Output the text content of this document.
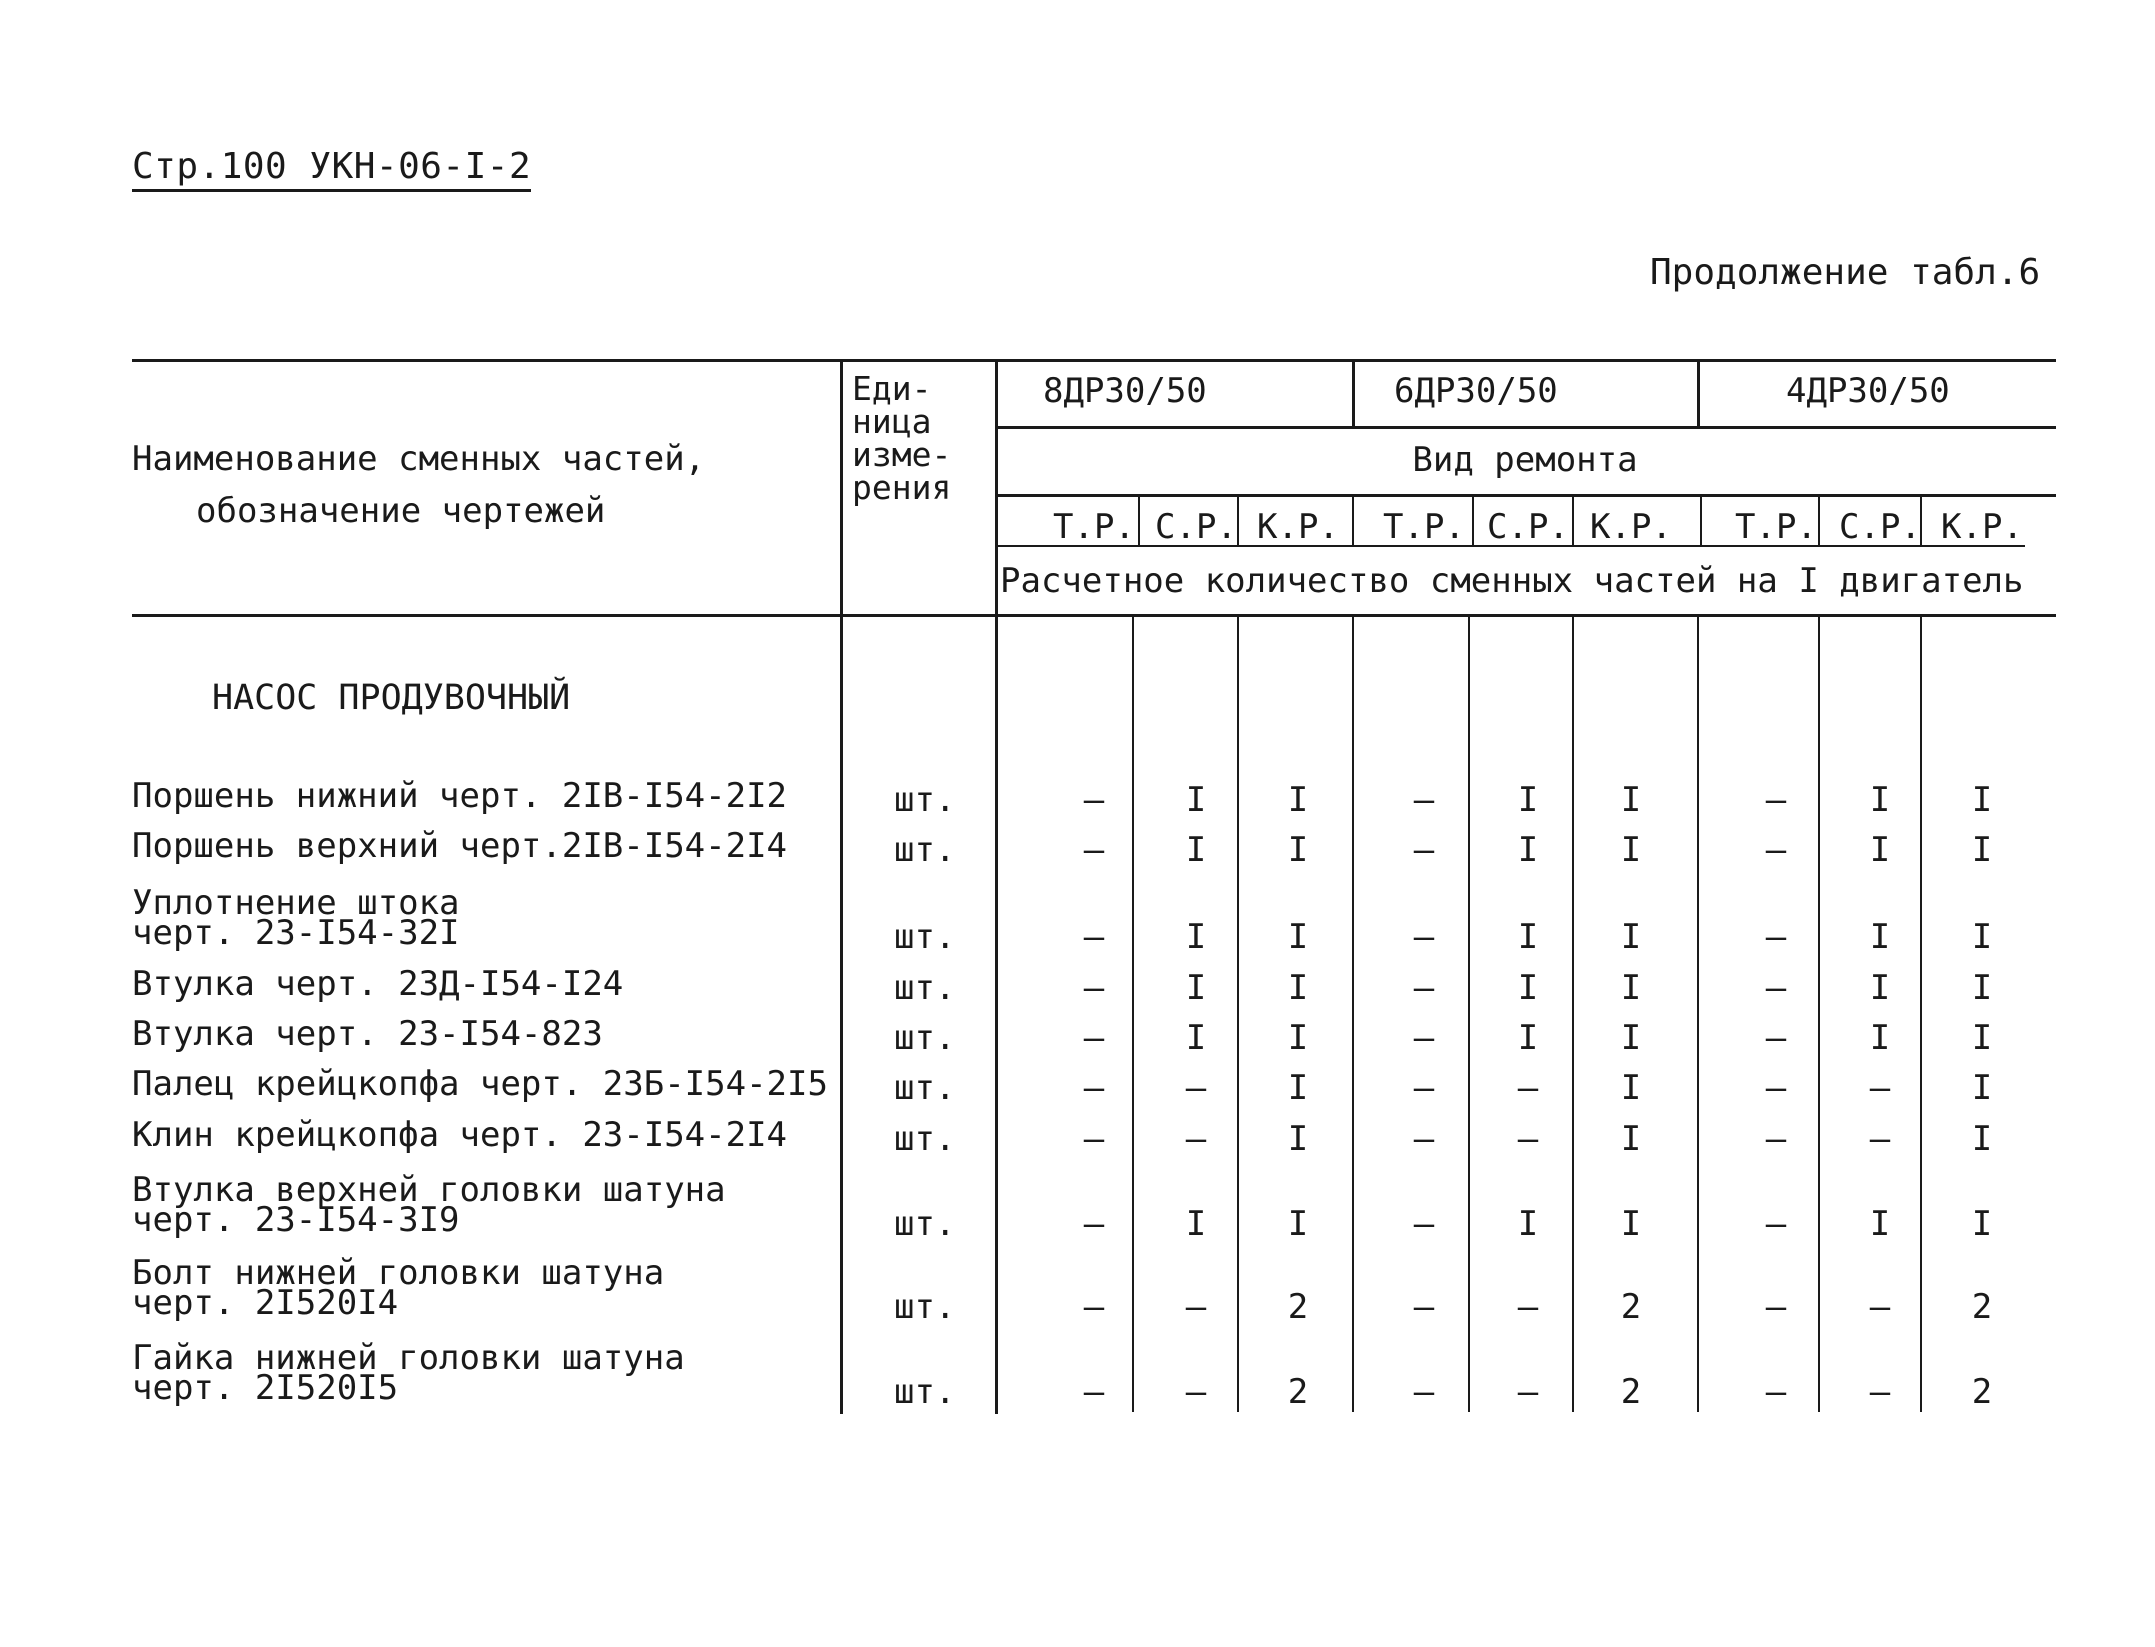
Стр.100 УКН-06-I-2
Продолжение табл.6
Наименование сменных частей,
обозначение чертежей
Еди-
ница
изме-
рения
8ДР30/50	6ДР30/50	4ДР30/50
Вид ремонта
Т.Р. С.Р. К.Р. Т.Р. С.Р. К.Р. Т.Р. С.Р. К.Р.
Расчетное количество сменных частей на I двигатель
НАСОС ПРОДУВОЧНЫЙ
Поршень нижний черт. 2IВ-I54-2I2	шт.	– I I	– I I	– I I
Поршень верхний черт.2IВ-I54-2I4	шт.	– I I	– I I	– I I
Уплотнение штока
черт. 23-I54-32I	шт.	– I I	– I I	– I I
Втулка черт. 23Д-I54-I24	шт.	– I I	– I I	– I I
Втулка черт. 23-I54-823	шт.	– I I	– I I	– I I
Палец крейцкопфа черт. 23Б-I54-2I5 шт.	– – I	– – I	– – I
Клин крейцкопфа черт. 23-I54-2I4	шт.	– – I	– – I	– – I
Втулка верхней головки шатуна
черт. 23-I54-3I9	шт.	– I I	– I I	– I I
Болт нижней головки шатуна
черт. 2I520I4	шт.	– – 2	– – 2	– – 2
Гайка нижней головки шатуна
черт. 2I520I5	шт.	– – 2	– – 2	– – 2
